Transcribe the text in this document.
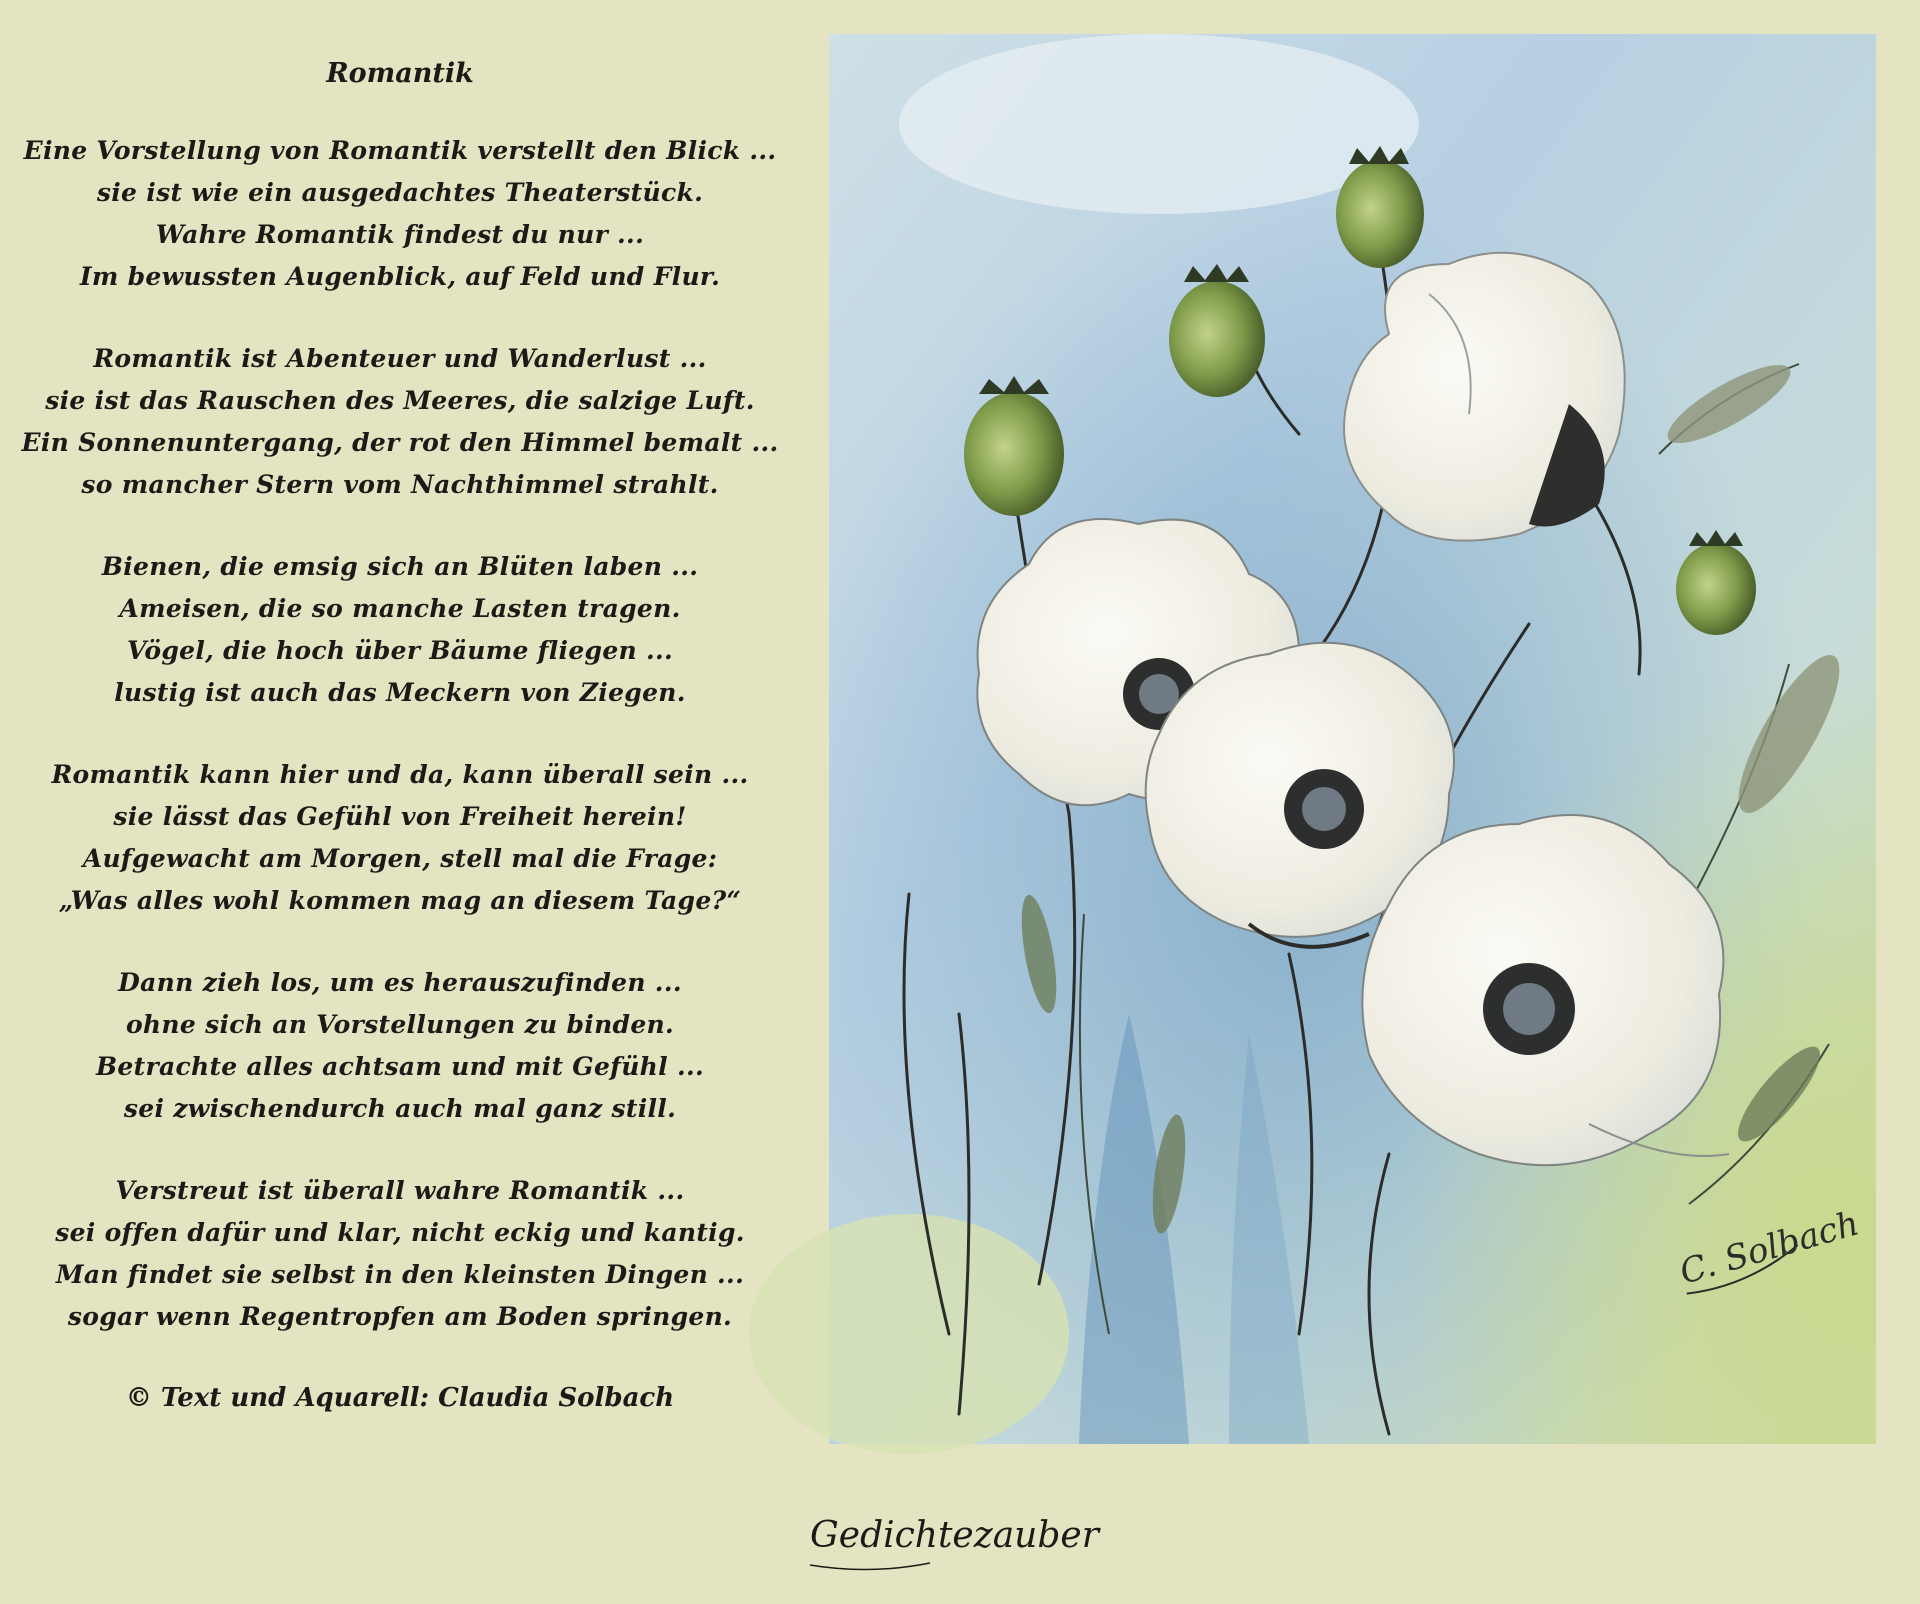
Romantik
Eine Vorstellung von Romantik verstellt den Blick ...
sie ist wie ein ausgedachtes Theaterstück.
Wahre Romantik findest du nur ...
Im bewussten Augenblick, auf Feld und Flur.
Romantik ist Abenteuer und Wanderlust ...
sie ist das Rauschen des Meeres, die salzige Luft.
Ein Sonnenuntergang, der rot den Himmel bemalt ...
so mancher Stern vom Nachthimmel strahlt.
Bienen, die emsig sich an Blüten laben ...
Ameisen, die so manche Lasten tragen.
Vögel, die hoch über Bäume fliegen ...
lustig ist auch das Meckern von Ziegen.
Romantik kann hier und da, kann überall sein ...
sie lässt das Gefühl von Freiheit herein!
Aufgewacht am Morgen, stell mal die Frage:
„Was alles wohl kommen mag an diesem Tage?“
Dann zieh los, um es herauszufinden ...
ohne sich an Vorstellungen zu binden.
Betrachte alles achtsam und mit Gefühl ...
sei zwischendurch auch mal ganz still.
Verstreut ist überall wahre Romantik ...
sei offen dafür und klar, nicht eckig und kantig.
Man findet sie selbst in den kleinsten Dingen ...
sogar wenn Regentropfen am Boden springen.
© Text und Aquarell: Claudia Solbach
C. Solbach
Gedichtezauber
